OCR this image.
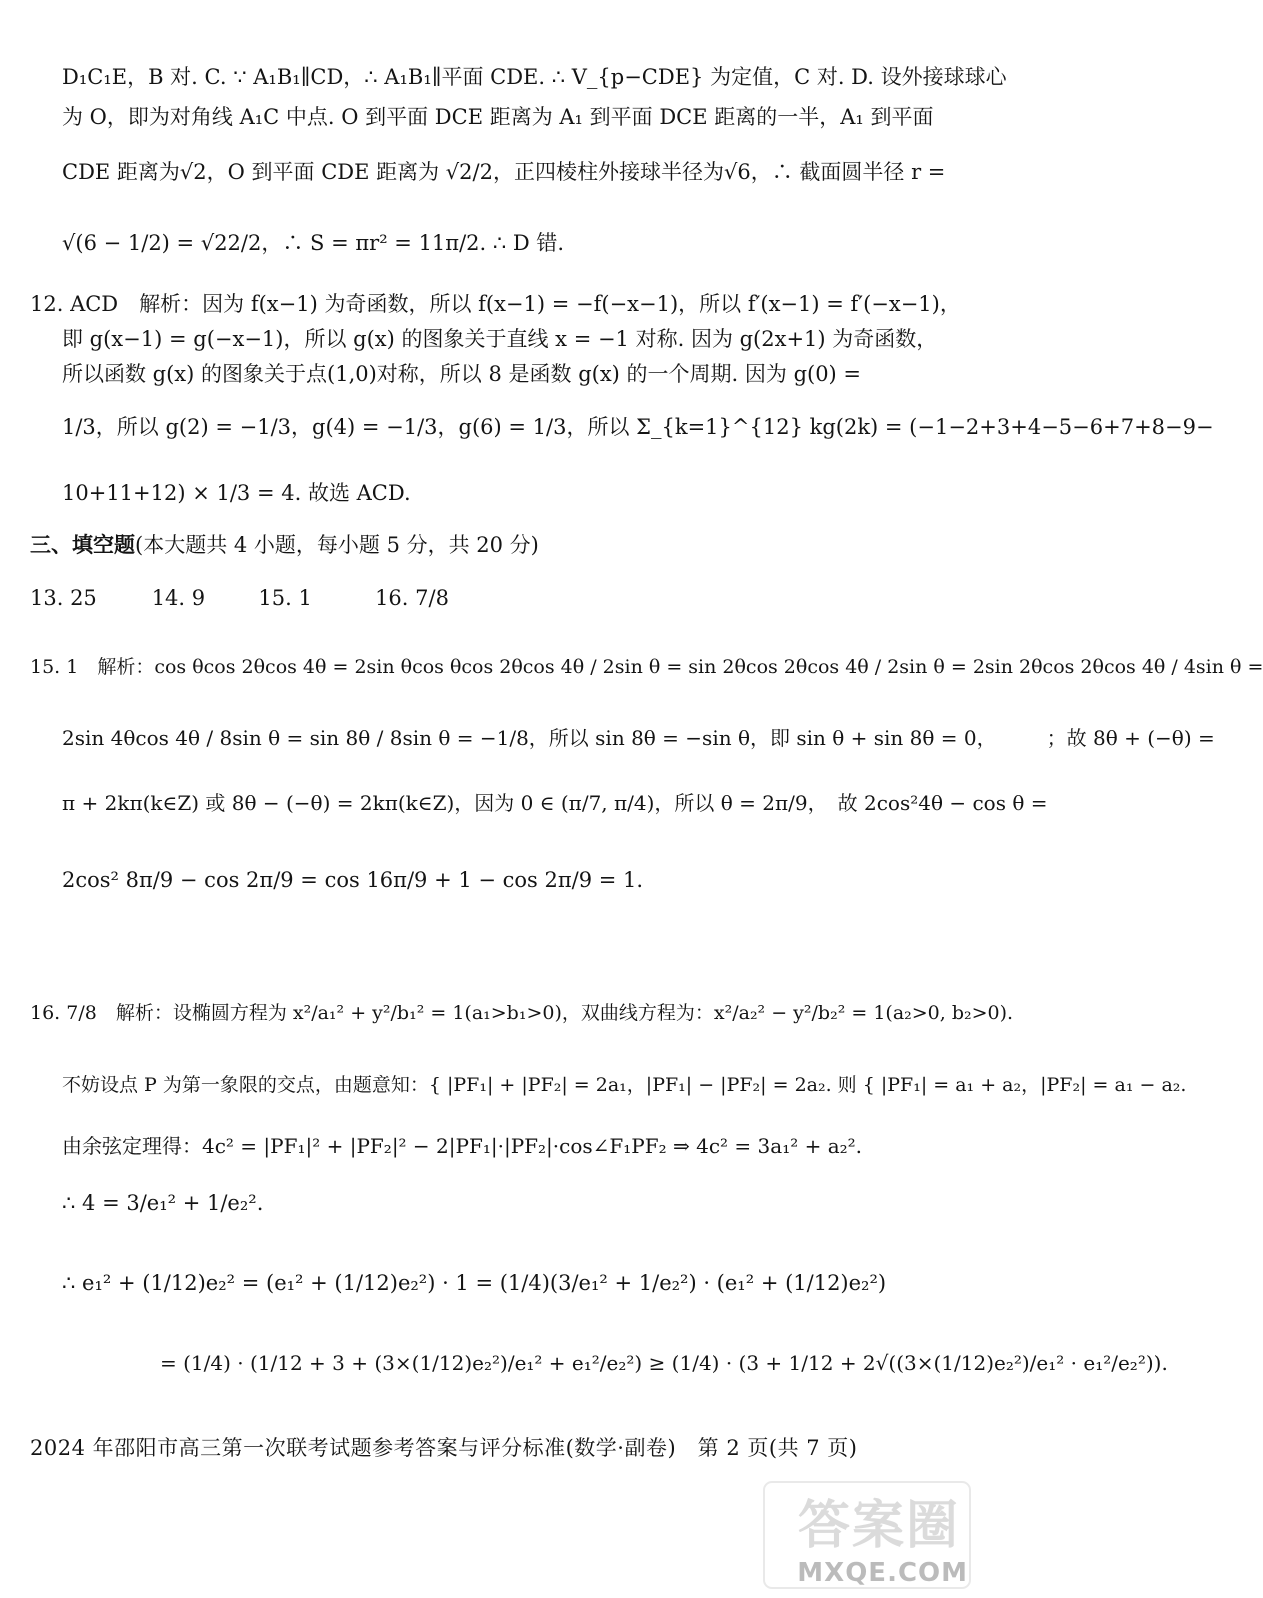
D₁C₁E，B 对. C. ∵ A₁B₁∥CD，∴ A₁B₁∥平面 CDE. ∴ V_{p−CDE} 为定值，C 对. D. 设外接球球心
为 O，即为对角线 A₁C 中点. O 到平面 DCE 距离为 A₁ 到平面 DCE 距离的一半，A₁ 到平面
CDE 距离为√2，O 到平面 CDE 距离为 √2/2，正四棱柱外接球半径为√6，∴ 截面圆半径 r =
√(6 − 1/2) = √22/2，∴ S = πr² = 11π/2. ∴ D 错.
12. ACD　解析：因为 f(x−1) 为奇函数，所以 f(x−1) = −f(−x−1)，所以 f′(x−1) = f′(−x−1)，
即 g(x−1) = g(−x−1)，所以 g(x) 的图象关于直线 x = −1 对称. 因为 g(2x+1) 为奇函数，
所以函数 g(x) 的图象关于点(1,0)对称，所以 8 是函数 g(x) 的一个周期. 因为 g(0) =
1/3，所以 g(2) = −1/3，g(4) = −1/3，g(6) = 1/3，所以 Σ_{k=1}^{12} kg(2k) = (−1−2+3+4−5−6+7+8−9−
10+11+12) × 1/3 = 4. 故选 ACD.
三、填空题(本大题共 4 小题，每小题 5 分，共 20 分)
13. 25	14. 9	15. 1	16. 7/8
15. 1　解析：cos θcos 2θcos 4θ = 2sin θcos θcos 2θcos 4θ / 2sin θ = sin 2θcos 2θcos 4θ / 2sin θ = 2sin 2θcos 2θcos 4θ / 4sin θ =
2sin 4θcos 4θ / 8sin θ = sin 8θ / 8sin θ = −1/8，所以 sin 8θ = −sin θ，即 sin θ + sin 8θ = 0，　　　；故 8θ + (−θ) =
π + 2kπ(k∈Z) 或 8θ − (−θ) = 2kπ(k∈Z)，因为 0 ∈ (π/7, π/4)，所以 θ = 2π/9，　故 2cos²4θ − cos θ =
2cos² 8π/9 − cos 2π/9 = cos 16π/9 + 1 − cos 2π/9 = 1.
16. 7/8　解析：设椭圆方程为 x²/a₁² + y²/b₁² = 1(a₁>b₁>0)，双曲线方程为：x²/a₂² − y²/b₂² = 1(a₂>0, b₂>0).
不妨设点 P 为第一象限的交点，由题意知：{ |PF₁| + |PF₂| = 2a₁，|PF₁| − |PF₂| = 2a₂. 则 { |PF₁| = a₁ + a₂，|PF₂| = a₁ − a₂.
由余弦定理得：4c² = |PF₁|² + |PF₂|² − 2|PF₁|·|PF₂|·cos∠F₁PF₂ ⇒ 4c² = 3a₁² + a₂².
∴ 4 = 3/e₁² + 1/e₂².
∴ e₁² + (1/12)e₂² = (e₁² + (1/12)e₂²) · 1 = (1/4)(3/e₁² + 1/e₂²) · (e₁² + (1/12)e₂²)
= (1/4) · (1/12 + 3 + (3×(1/12)e₂²)/e₁² + e₁²/e₂²) ≥ (1/4) · (3 + 1/12 + 2√((3×(1/12)e₂²)/e₁² · e₁²/e₂²)).
2024 年邵阳市高三第一次联考试题参考答案与评分标准(数学·副卷)　第 2 页(共 7 页)
答案圈
MXQE.COM
